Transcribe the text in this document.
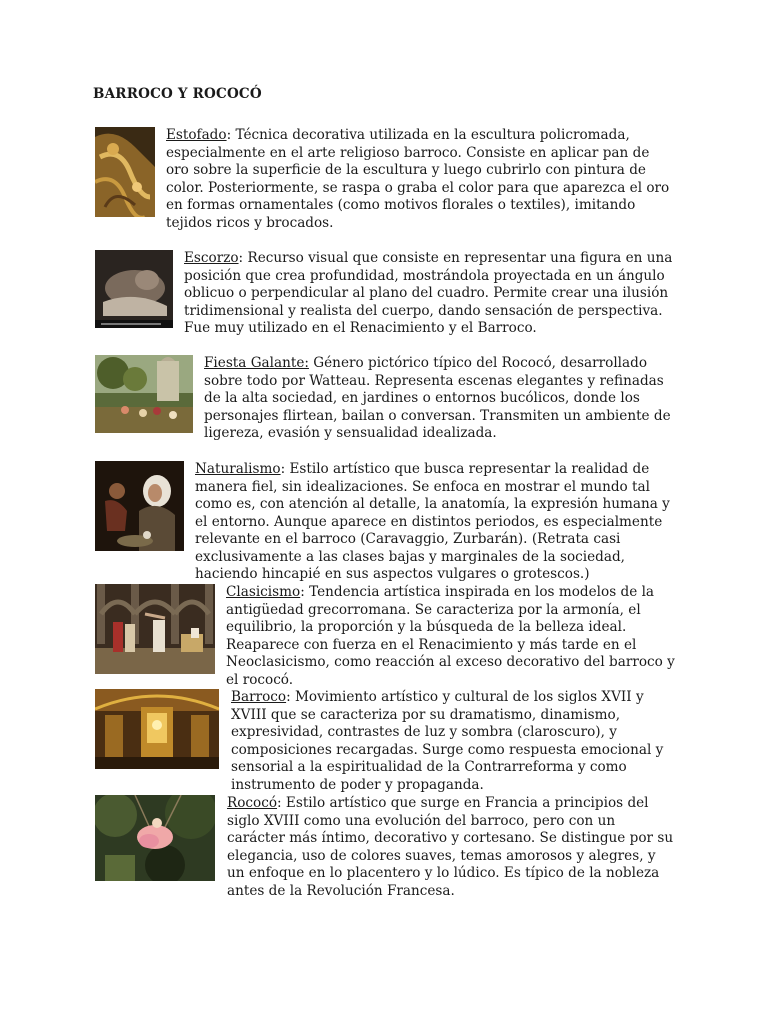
BARROCO Y ROCOCÓ
Estofado: Técnica decorativa utilizada en la escultura policromada, especialmente en el arte religioso barroco. Consiste en aplicar pan de oro sobre la superficie de la escultura y luego cubrirlo con pintura de color. Posteriormente, se raspa o graba el color para que aparezca el oro en formas ornamentales (como motivos florales o textiles), imitando tejidos ricos y brocados.
Escorzo: Recurso visual que consiste en representar una figura en una posición que crea profundidad, mostrándola proyectada en un ángulo oblicuo o perpendicular al plano del cuadro. Permite crear una ilusión tridimensional y realista del cuerpo, dando sensación de perspectiva. Fue muy utilizado en el Renacimiento y el Barroco.
Fiesta Galante: Género pictórico típico del Rococó, desarrollado sobre todo por Watteau. Representa escenas elegantes y refinadas de la alta sociedad, en jardines o entornos bucólicos, donde los personajes flirtean, bailan o conversan. Transmiten un ambiente de ligereza, evasión y sensualidad idealizada.
Naturalismo: Estilo artístico que busca representar la realidad de manera fiel, sin idealizaciones. Se enfoca en mostrar el mundo tal como es, con atención al detalle, la anatomía, la expresión humana y el entorno. Aunque aparece en distintos periodos, es especialmente relevante en el barroco (Caravaggio, Zurbarán). (Retrata casi exclusivamente a las clases bajas y marginales de la sociedad, haciendo hincapié en sus aspectos vulgares o grotescos.)
Clasicismo: Tendencia artística inspirada en los modelos de la antigüedad grecorromana. Se caracteriza por la armonía, el equilibrio, la proporción y la búsqueda de la belleza ideal. Reaparece con fuerza en el Renacimiento y más tarde en el Neoclasicismo, como reacción al exceso decorativo del barroco y el rococó.
Barroco: Movimiento artístico y cultural de los siglos XVII y XVIII que se caracteriza por su dramatismo, dinamismo, expresividad, contrastes de luz y sombra (claroscuro), y composiciones recargadas. Surge como respuesta emocional y sensorial a la espiritualidad de la Contrarreforma y como instrumento de poder y propaganda.
Rococó: Estilo artístico que surge en Francia a principios del siglo XVIII como una evolución del barroco, pero con un carácter más íntimo, decorativo y cortesano. Se distingue por su elegancia, uso de colores suaves, temas amorosos y alegres, y un enfoque en lo placentero y lo lúdico. Es típico de la nobleza antes de la Revolución Francesa.
